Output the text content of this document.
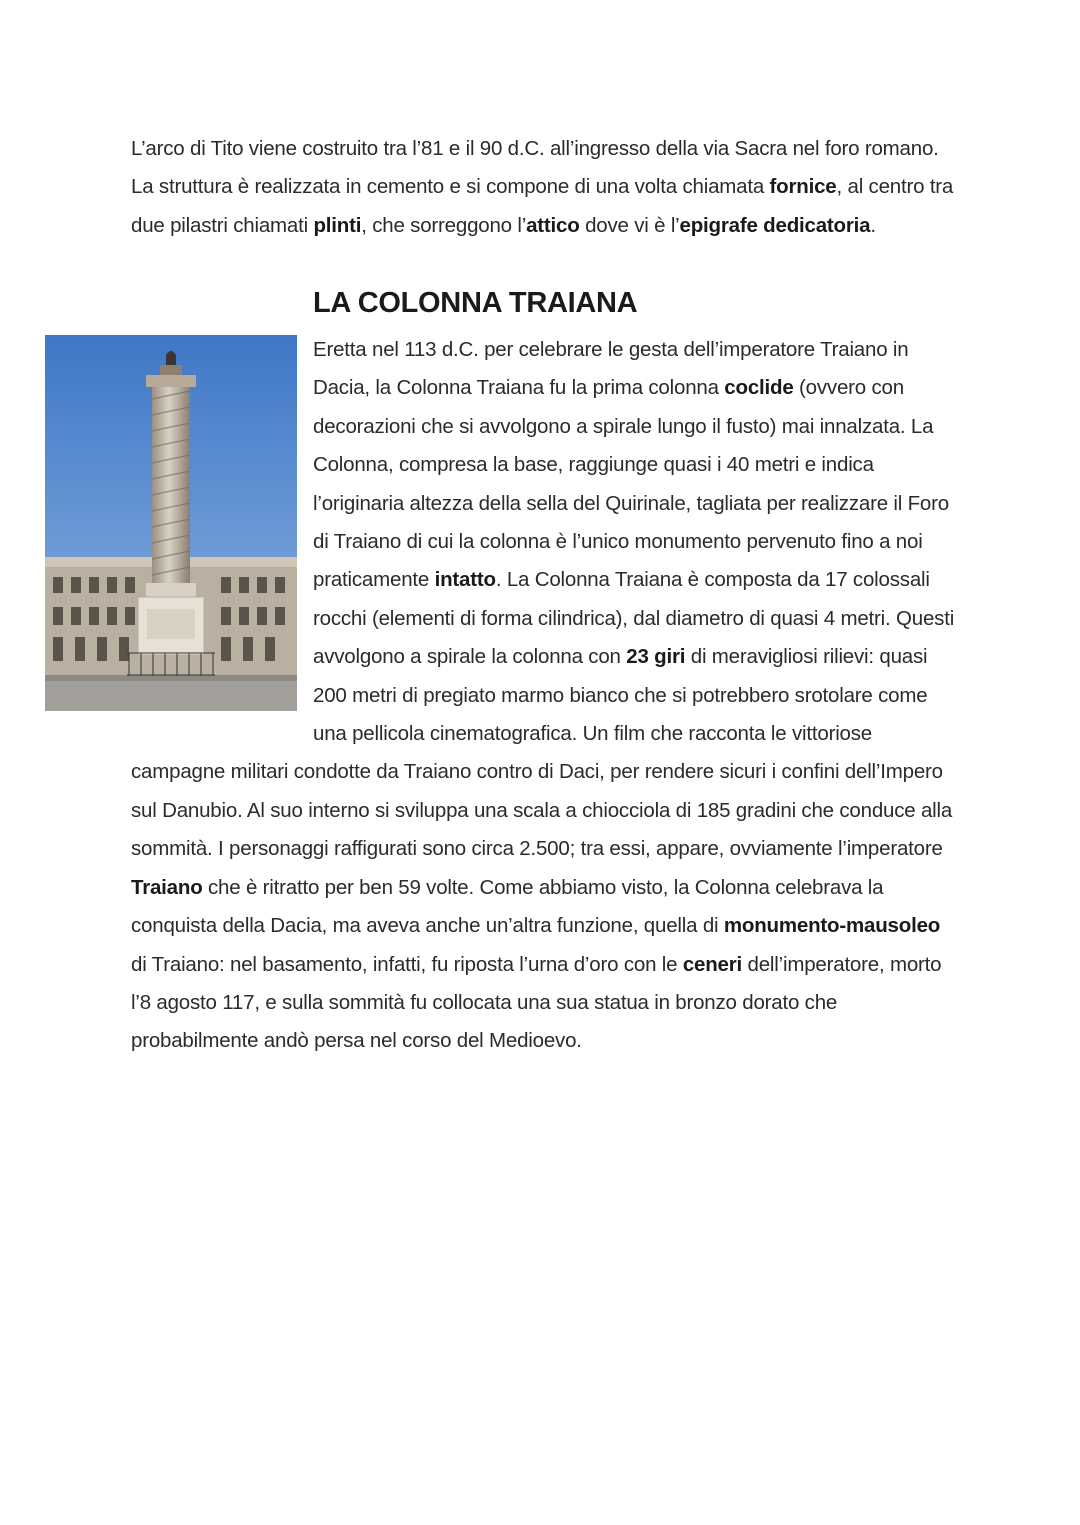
L’arco di Tito viene costruito tra l’81 e il 90 d.C. all’ingresso della via Sacra nel foro romano. La struttura è realizzata in cemento e si compone di una volta chiamata fornice, al centro tra due pilastri chiamati plinti, che sorreggono l’attico dove vi è l’epigrafe dedicatoria.

LA COLONNA TRAIANA
Eretta nel 113 d.C. per celebrare le gesta dell’imperatore Traiano in Dacia, la Colonna Traiana fu la prima colonna coclide (ovvero con decorazioni che si avvolgono a spirale lungo il fusto) mai innalzata. La Colonna, compresa la base, raggiunge quasi i 40 metri e indica l’originaria altezza della sella del Quirinale, tagliata per realizzare il Foro di Traiano di cui la colonna è l’unico monumento pervenuto fino a noi praticamente intatto. La Colonna Traiana è composta da 17 colossali rocchi (elementi di forma cilindrica), dal diametro di quasi 4 metri. Questi avvolgono a spirale la colonna con 23 giri di meravigliosi rilievi: quasi 200 metri di pregiato marmo bianco che si potrebbero srotolare come una pellicola cinematografica. Un film che racconta le vittoriose campagne militari condotte da Traiano contro di Daci, per rendere sicuri i confini dell’Impero sul Danubio. Al suo interno si sviluppa una scala a chiocciola di 185 gradini che conduce alla sommità. I personaggi raffigurati sono circa 2.500; tra essi, appare, ovviamente l’imperatore Traiano che è ritratto per ben 59 volte. Come abbiamo visto, la Colonna celebrava la conquista della Dacia, ma aveva anche un’altra funzione, quella di monumento-mausoleo di Traiano: nel basamento, infatti, fu riposta l’urna d’oro con le ceneri dell’imperatore, morto l’8 agosto 117, e sulla sommità fu collocata una sua statua in bronzo dorato che probabilmente andò persa nel corso del Medioevo.
